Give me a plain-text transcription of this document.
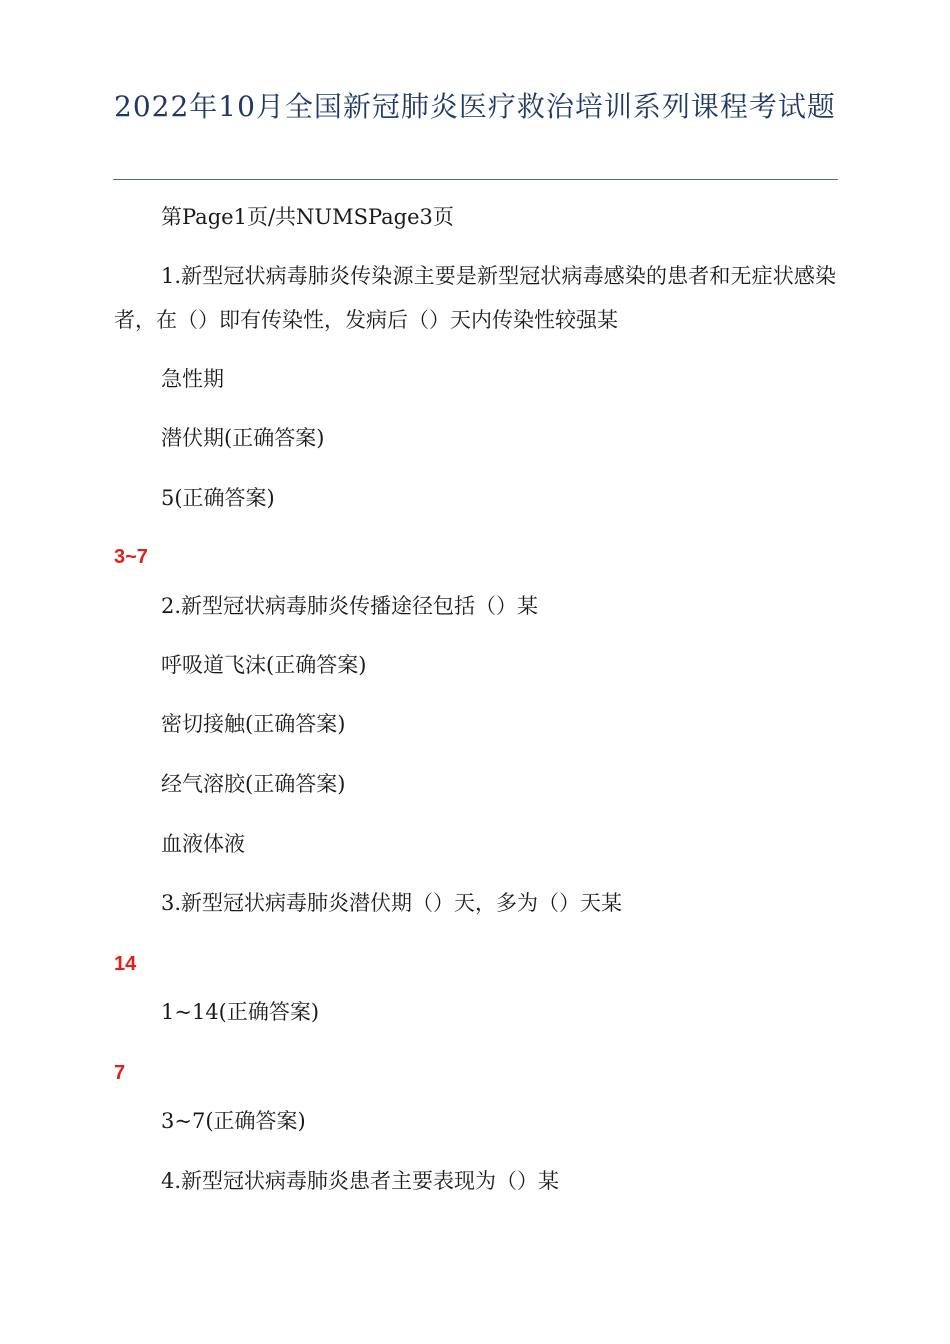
2022年10月全国新冠肺炎医疗救治培训系列课程考试题
第Page1页/共NUMSPage3页
1.新型冠状病毒肺炎传染源主要是新型冠状病毒感染的患者和无症状感染者，在（）即有传染性，发病后（）天内传染性较强某
急性期
潜伏期(正确答案)
5(正确答案)
3~7
2.新型冠状病毒肺炎传播途径包括（）某
呼吸道飞沫(正确答案)
密切接触(正确答案)
经气溶胶(正确答案)
血液体液
3.新型冠状病毒肺炎潜伏期（）天，多为（）天某
14
1~14(正确答案)
7
3~7(正确答案)
4.新型冠状病毒肺炎患者主要表现为（）某
